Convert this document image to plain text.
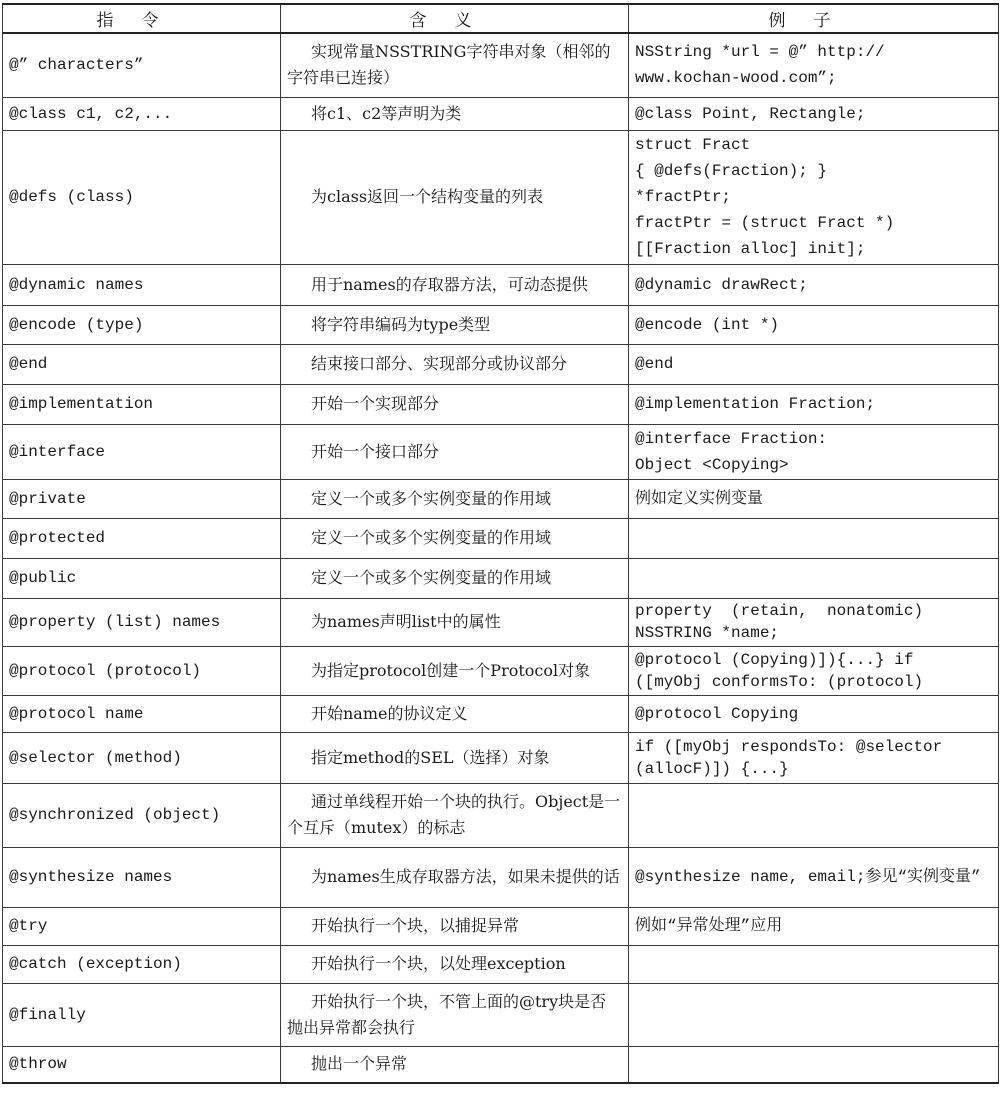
指令	含义	例子
@” characters”	实现常量NSSTRING字符串对象（相邻的字符串已连接）	NSString *url = @” http://
www.kochan-wood.com”;
@class c1, c2,...	将c1、c2等声明为类	@class Point, Rectangle;
@defs (class)	为class返回一个结构变量的列表	struct Fract
{ @defs(Fraction); }
*fractPtr;
fractPtr = (struct Fract *)
[[Fraction alloc] init];
@dynamic names	用于names的存取器方法，可动态提供	@dynamic drawRect;
@encode (type)	将字符串编码为type类型	@encode (int *)
@end	结束接口部分、实现部分或协议部分	@end
@implementation	开始一个实现部分	@implementation Fraction;
@interface	开始一个接口部分	@interface Fraction:
Object <Copying>
@private	定义一个或多个实例变量的作用域	例如定义实例变量
@protected	定义一个或多个实例变量的作用域	
@public	定义一个或多个实例变量的作用域	
@property (list) names	为names声明list中的属性	property  (retain,  nonatomic)
NSSTRING *name;
@protocol (protocol)	为指定protocol创建一个Protocol对象	@protocol (Copying)]){...} if
([myObj conformsTo: (protocol)
@protocol name	开始name的协议定义	@protocol Copying
@selector (method)	指定method的SEL（选择）对象	if ([myObj respondsTo: @selector
(allocF)]) {...}
@synchronized (object)	通过单线程开始一个块的执行。Object是一个互斥（mutex）的标志	
@synthesize names	为names生成存取器方法，如果未提供的话	@synthesize name, email;参见“实例变量”
@try	开始执行一个块，以捕捉异常	例如“异常处理”应用
@catch (exception)	开始执行一个块，以处理exception	
@finally	开始执行一个块，不管上面的@try块是否抛出异常都会执行	
@throw	抛出一个异常	
